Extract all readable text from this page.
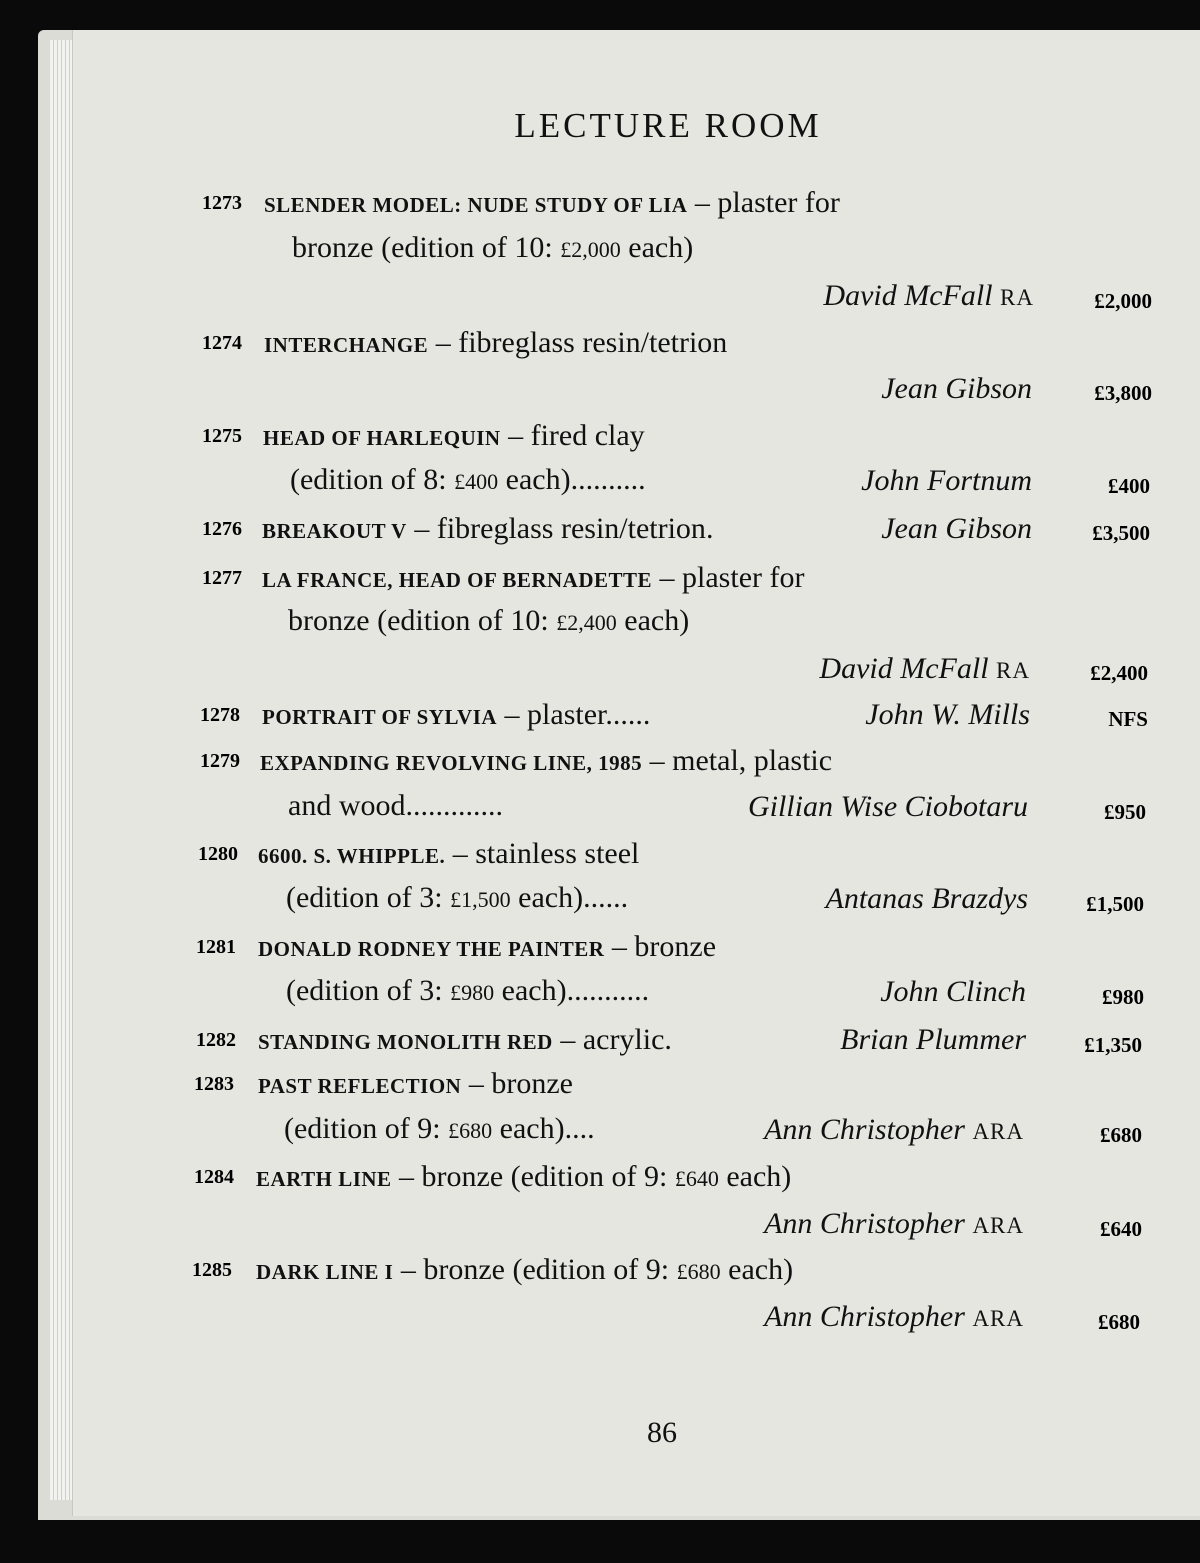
LECTURE ROOM
1273 SLENDER MODEL: NUDE STUDY OF LIA – plaster for
bronze (edition of 10: £2,000 each)
David McFall RA	£2,000
1274 INTERCHANGE – fibreglass resin/tetrion
Jean Gibson	£3,800
1275 HEAD OF HARLEQUIN – fired clay
(edition of 8: £400 each)..........	John Fortnum	£400
1276 BREAKOUT V – fibreglass resin/tetrion.	Jean Gibson	£3,500
1277 LA FRANCE, HEAD OF BERNADETTE – plaster for
bronze (edition of 10: £2,400 each)
David McFall RA	£2,400
1278 PORTRAIT OF SYLVIA – plaster......	John W. Mills	NFS
1279 EXPANDING REVOLVING LINE, 1985 – metal, plastic
and wood.............	Gillian Wise Ciobotaru	£950
1280 6600. S. WHIPPLE. – stainless steel
(edition of 3: £1,500 each)......	Antanas Brazdys	£1,500
1281 DONALD RODNEY THE PAINTER – bronze
(edition of 3: £980 each)...........	John Clinch	£980
1282 STANDING MONOLITH RED – acrylic.	Brian Plummer	£1,350
1283 PAST REFLECTION – bronze
(edition of 9: £680 each)....	Ann Christopher ARA	£680
1284 EARTH LINE – bronze (edition of 9: £640 each)
Ann Christopher ARA	£640
1285 DARK LINE I – bronze (edition of 9: £680 each)
Ann Christopher ARA	£680
86
